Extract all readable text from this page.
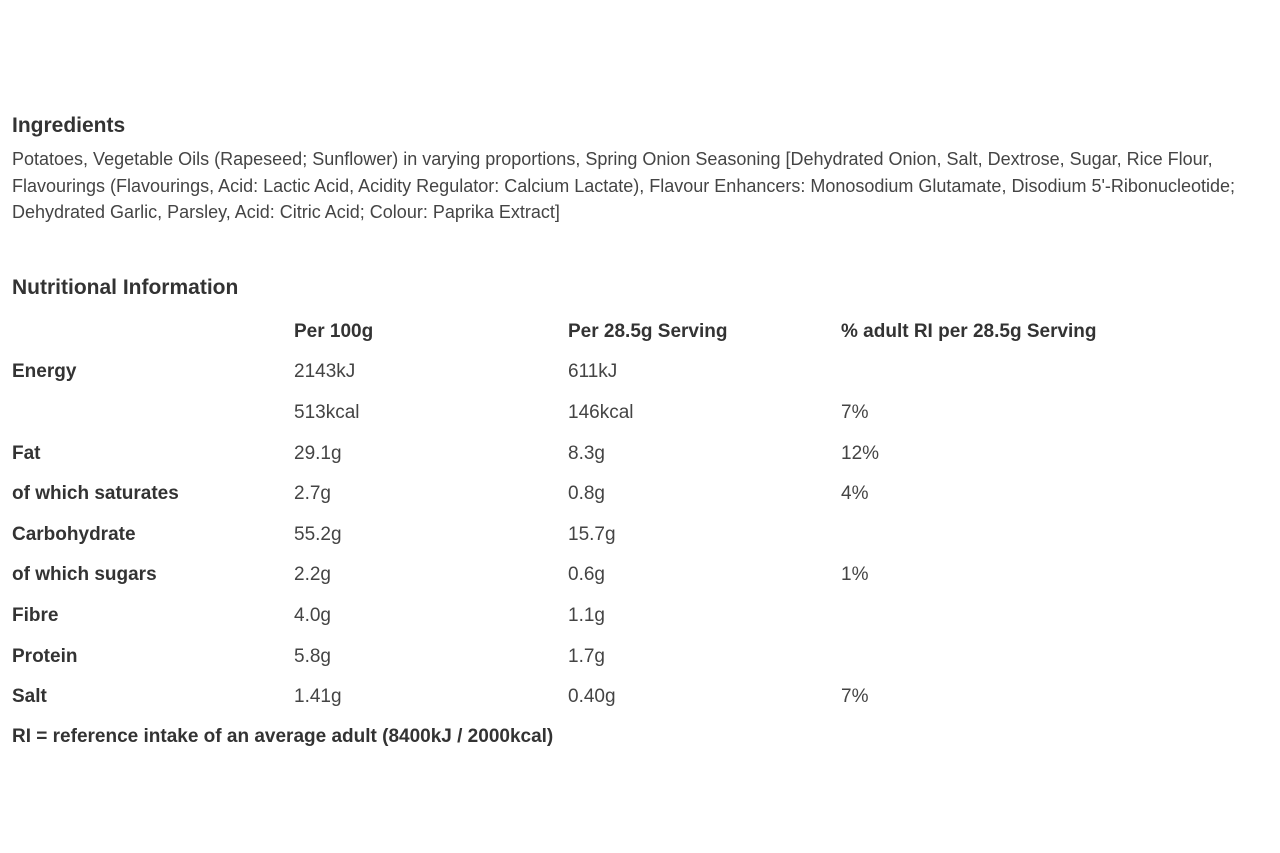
Ingredients

Potatoes, Vegetable Oils (Rapeseed; Sunflower) in varying proportions, Spring Onion Seasoning [Dehydrated Onion, Salt, Dextrose, Sugar, Rice Flour, Flavourings (Flavourings, Acid: Lactic Acid, Acidity Regulator: Calcium Lactate), Flavour Enhancers: Monosodium Glutamate, Disodium 5'-Ribonucleotide; Dehydrated Garlic, Parsley, Acid: Citric Acid; Colour: Paprika Extract]

Nutritional Information
	Per 100g	Per 28.5g Serving	% adult RI per 28.5g Serving
Energy	2143kJ	611kJ	
	513kcal	146kcal	7%
Fat	29.1g	8.3g	12%
of which saturates	2.7g	0.8g	4%
Carbohydrate	55.2g	15.7g	
of which sugars	2.2g	0.6g	1%
Fibre	4.0g	1.1g	
Protein	5.8g	1.7g	
Salt	1.41g	0.40g	7%

RI = reference intake of an average adult (8400kJ / 2000kcal)
